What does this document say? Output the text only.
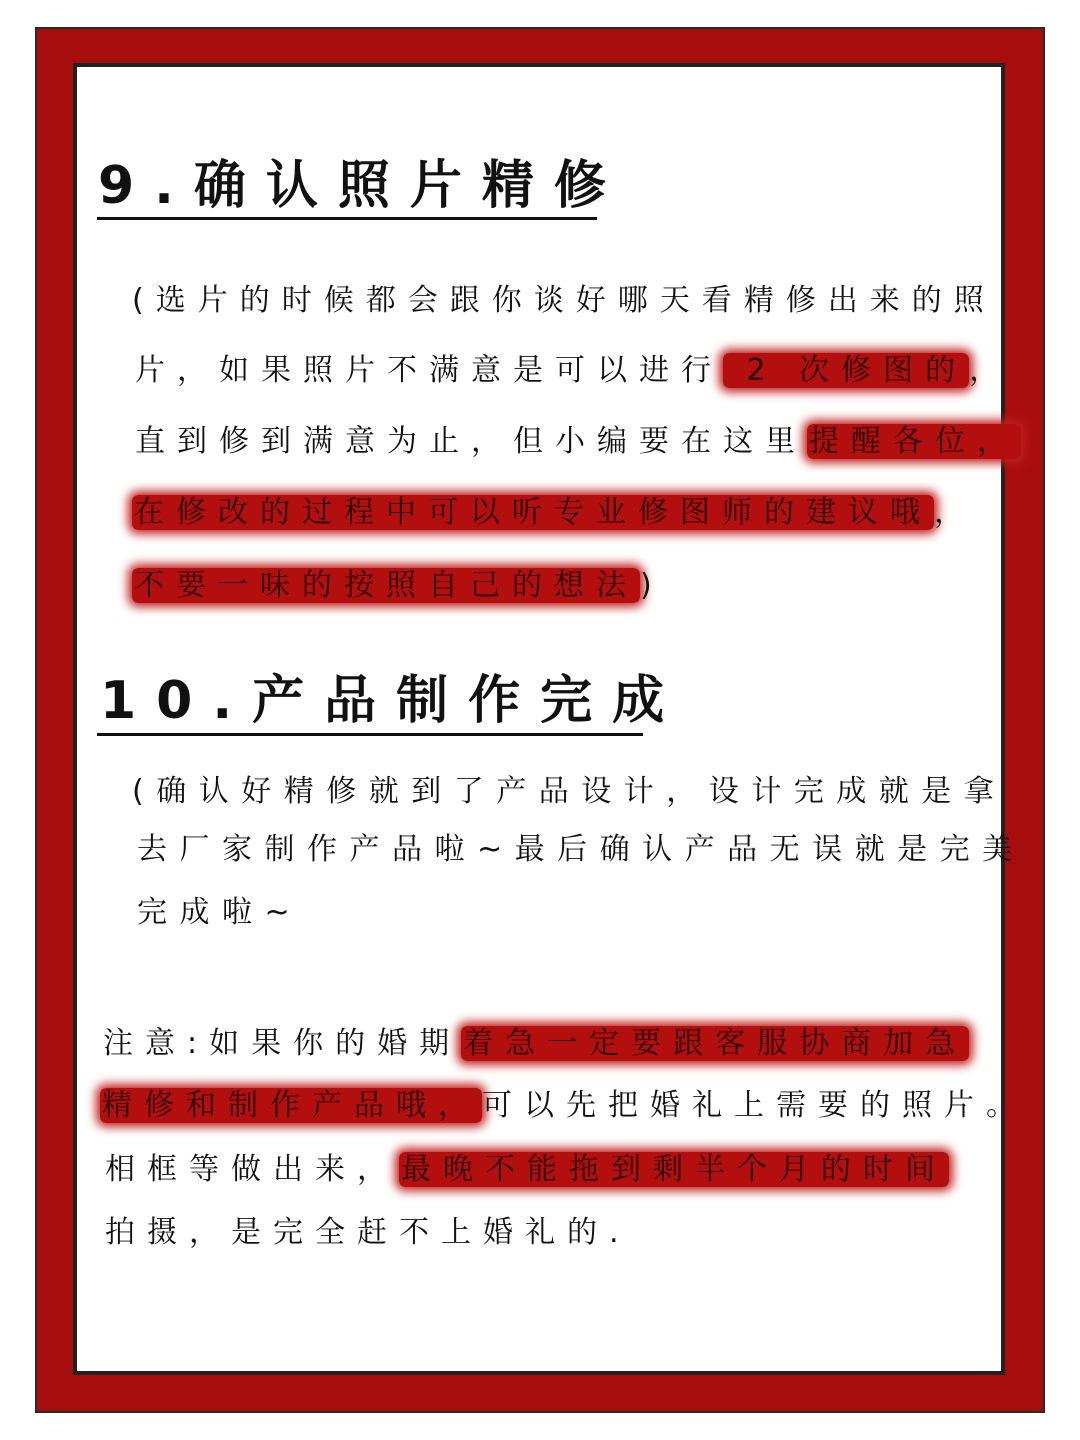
9.确认照片精修
(选片的时候都会跟你谈好哪天看精修出来的照
片，如果照片不满意是可以进行 2 次修图的，
直到修到满意为止，但小编要在这里提醒各位，
在修改的过程中可以听专业修图师的建议哦，
不要一味的按照自己的想法)
10.产品制作完成
(确认好精修就到了产品设计，设计完成就是拿
去厂家制作产品啦~最后确认产品无误就是完美
完成啦~
注意:如果你的婚期着急一定要跟客服协商加急
精修和制作产品哦，可以先把婚礼上需要的照片。
相框等做出来，最晚不能拖到剩半个月的时间
拍摄，是完全赶不上婚礼的.
